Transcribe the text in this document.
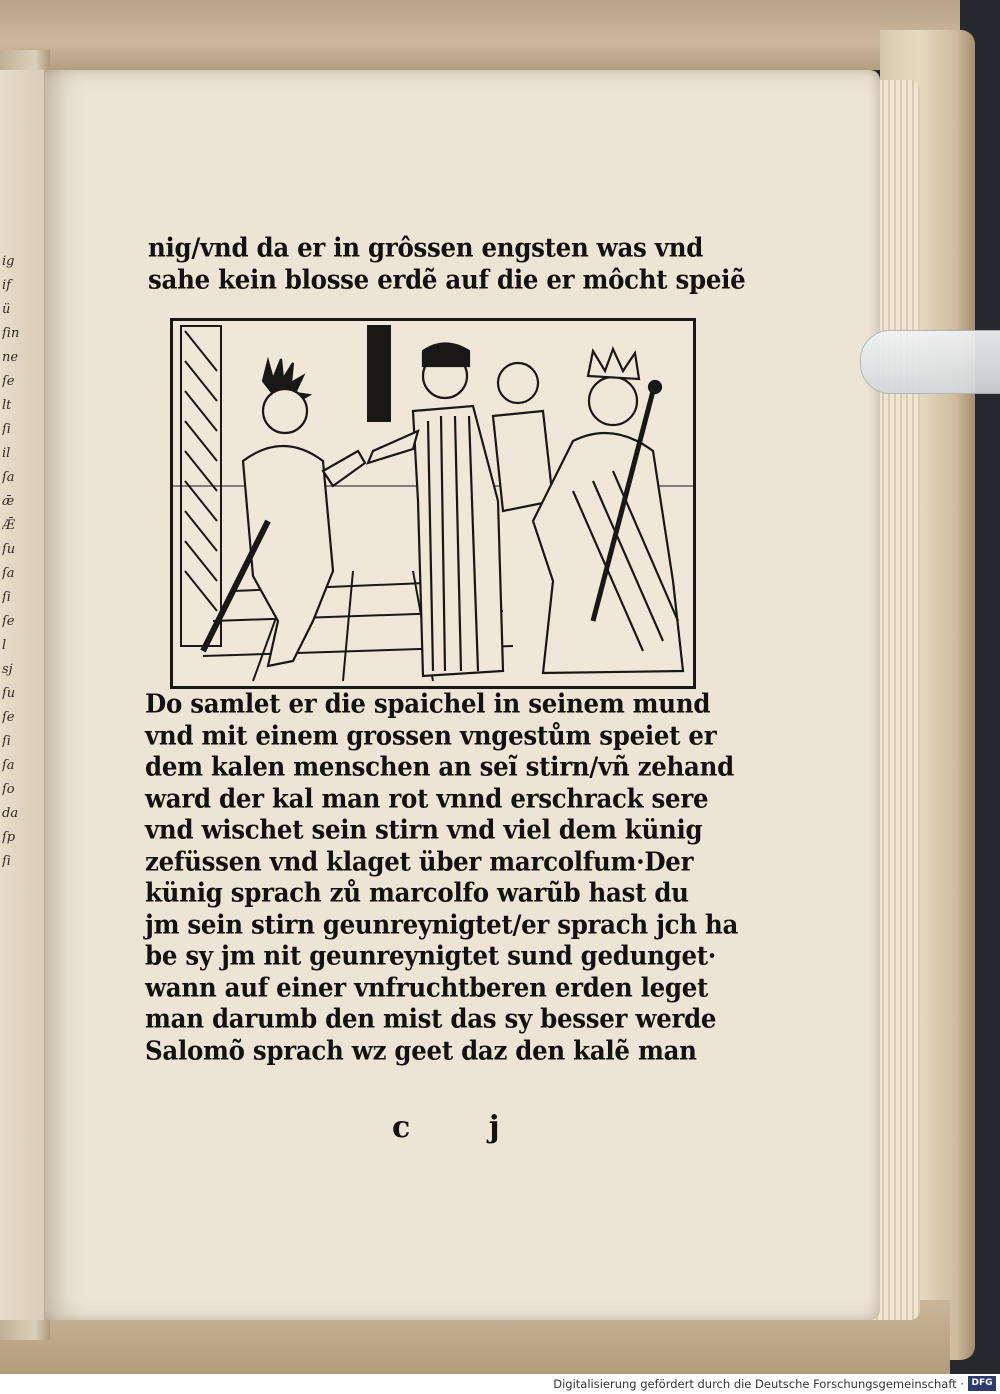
ig
if
ü
ſin
ne
ſe
lt
ſi
il
ſa
ǣ
Ǣ
ſu
ſa
ſi
ſe
l
sj
ſu
ſe
ſi
ſa
ſo
da
ſp
ſi
nig/vnd da er in grôssen engsten was vnd
sahe kein blosse erdẽ auf die er môcht speiẽ
Do samlet er die spaichel in seinem mund
vnd mit einem grossen vngestům speiet er
dem kalen menschen an seĩ stirn/vñ zehand
ward der kal man rot vnnd erschrack sere
vnd wischet sein stirn vnd viel dem künig
zefüssen vnd klaget über marcolfum·Der
künig sprach zů marcolfo warũb hast du
jm sein stirn geunreynigtet/er sprach jch ha
be sy jm nit geunreynigtet sund gedunget·
wann auf einer vnfruchtberen erden leget
man darumb den mist das sy besser werde
Salomõ sprach wz geet daz den kalẽ man
c j
Digitalisierung gefördert durch die Deutsche Forschungsgemeinschaft · DFG
